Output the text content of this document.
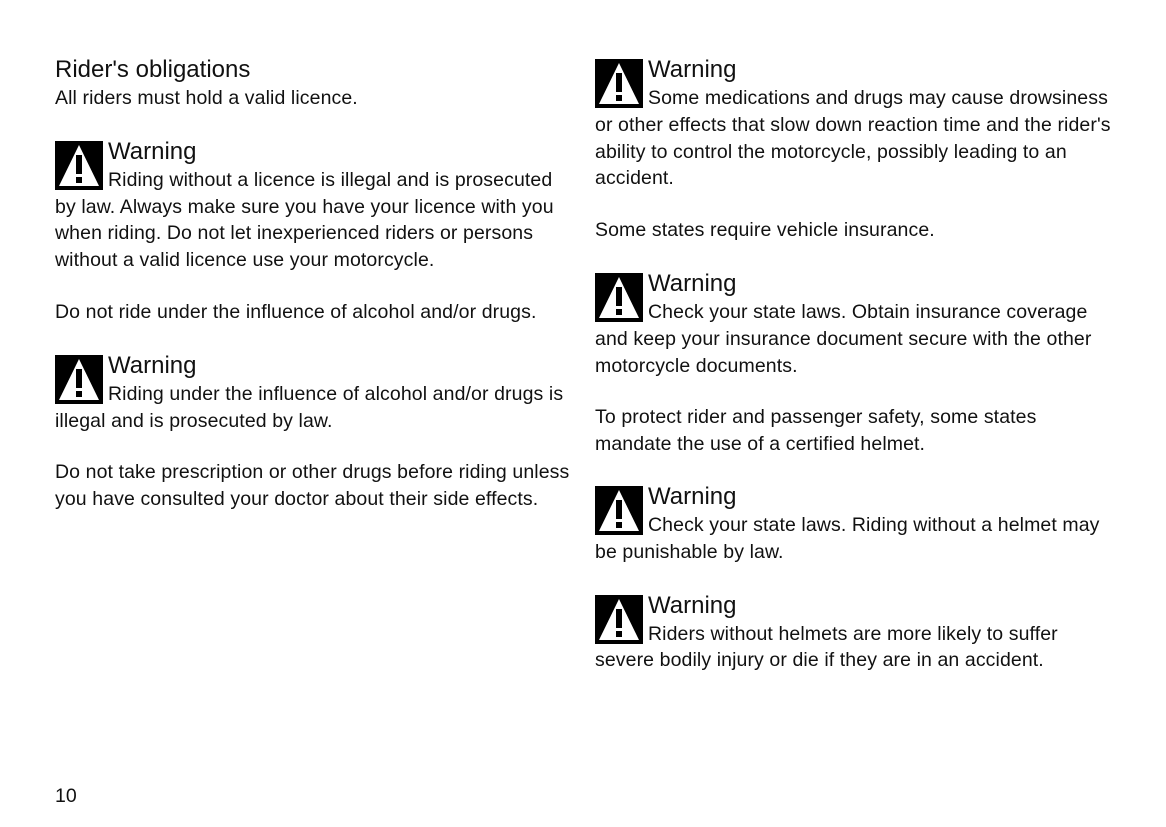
Rider's obligations

All riders must hold a valid licence.

Warning

Riding without a licence is illegal and is prosecuted by law. Always make sure you have your licence with you when riding. Do not let inexperienced riders or persons without a valid licence use your motorcycle.

Do not ride under the influence of alcohol and/or drugs.

Warning

Riding under the influence of alcohol and/or drugs is illegal and is prosecuted by law.

Do not take prescription or other drugs before riding unless you have consulted your doctor about their side effects.

Warning

Some medications and drugs may cause drowsiness or other effects that slow down reaction time and the rider's ability to control the motorcycle, possibly leading to an accident.

Some states require vehicle insurance.

Warning

Check your state laws. Obtain insurance coverage and keep your insurance document secure with the other motorcycle documents.

To protect rider and passenger safety, some states mandate the use of a certified helmet.

Warning

Check your state laws. Riding without a helmet may be punishable by law.

Warning

Riders without helmets are more likely to suffer severe bodily injury or die if they are in an accident.

10
